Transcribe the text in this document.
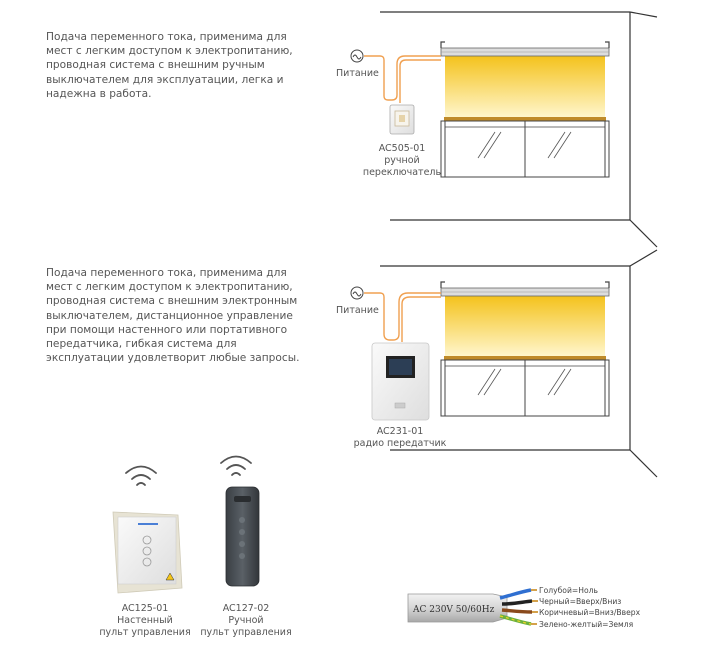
Подача переменного тока, применима для мест с легким доступом к электропитанию, проводная система с внешним ручным выключателем для эксплуатации, легка и надежна в работа.

Подача переменного тока, применима для мест с легким доступом к электропитанию, проводная система с внешним электронным выключателем, дистанционное управление при помощи настенного или портативного передатчика, гибкая система для эксплуатации удовлетворит любые запросы.

AC 230V 50/60Hz
Голубой=Ноль
Черный=Вверх/Вниз
Коричневый=Вниз/Вверх
Зелено-желтый=Земля
Питание
AC505-01
ручной
переключатель
Питание
AC231-01
радио передатчик
AC125-01
Настенный
пульт управления
AC127-02
Ручной
пульт управления
